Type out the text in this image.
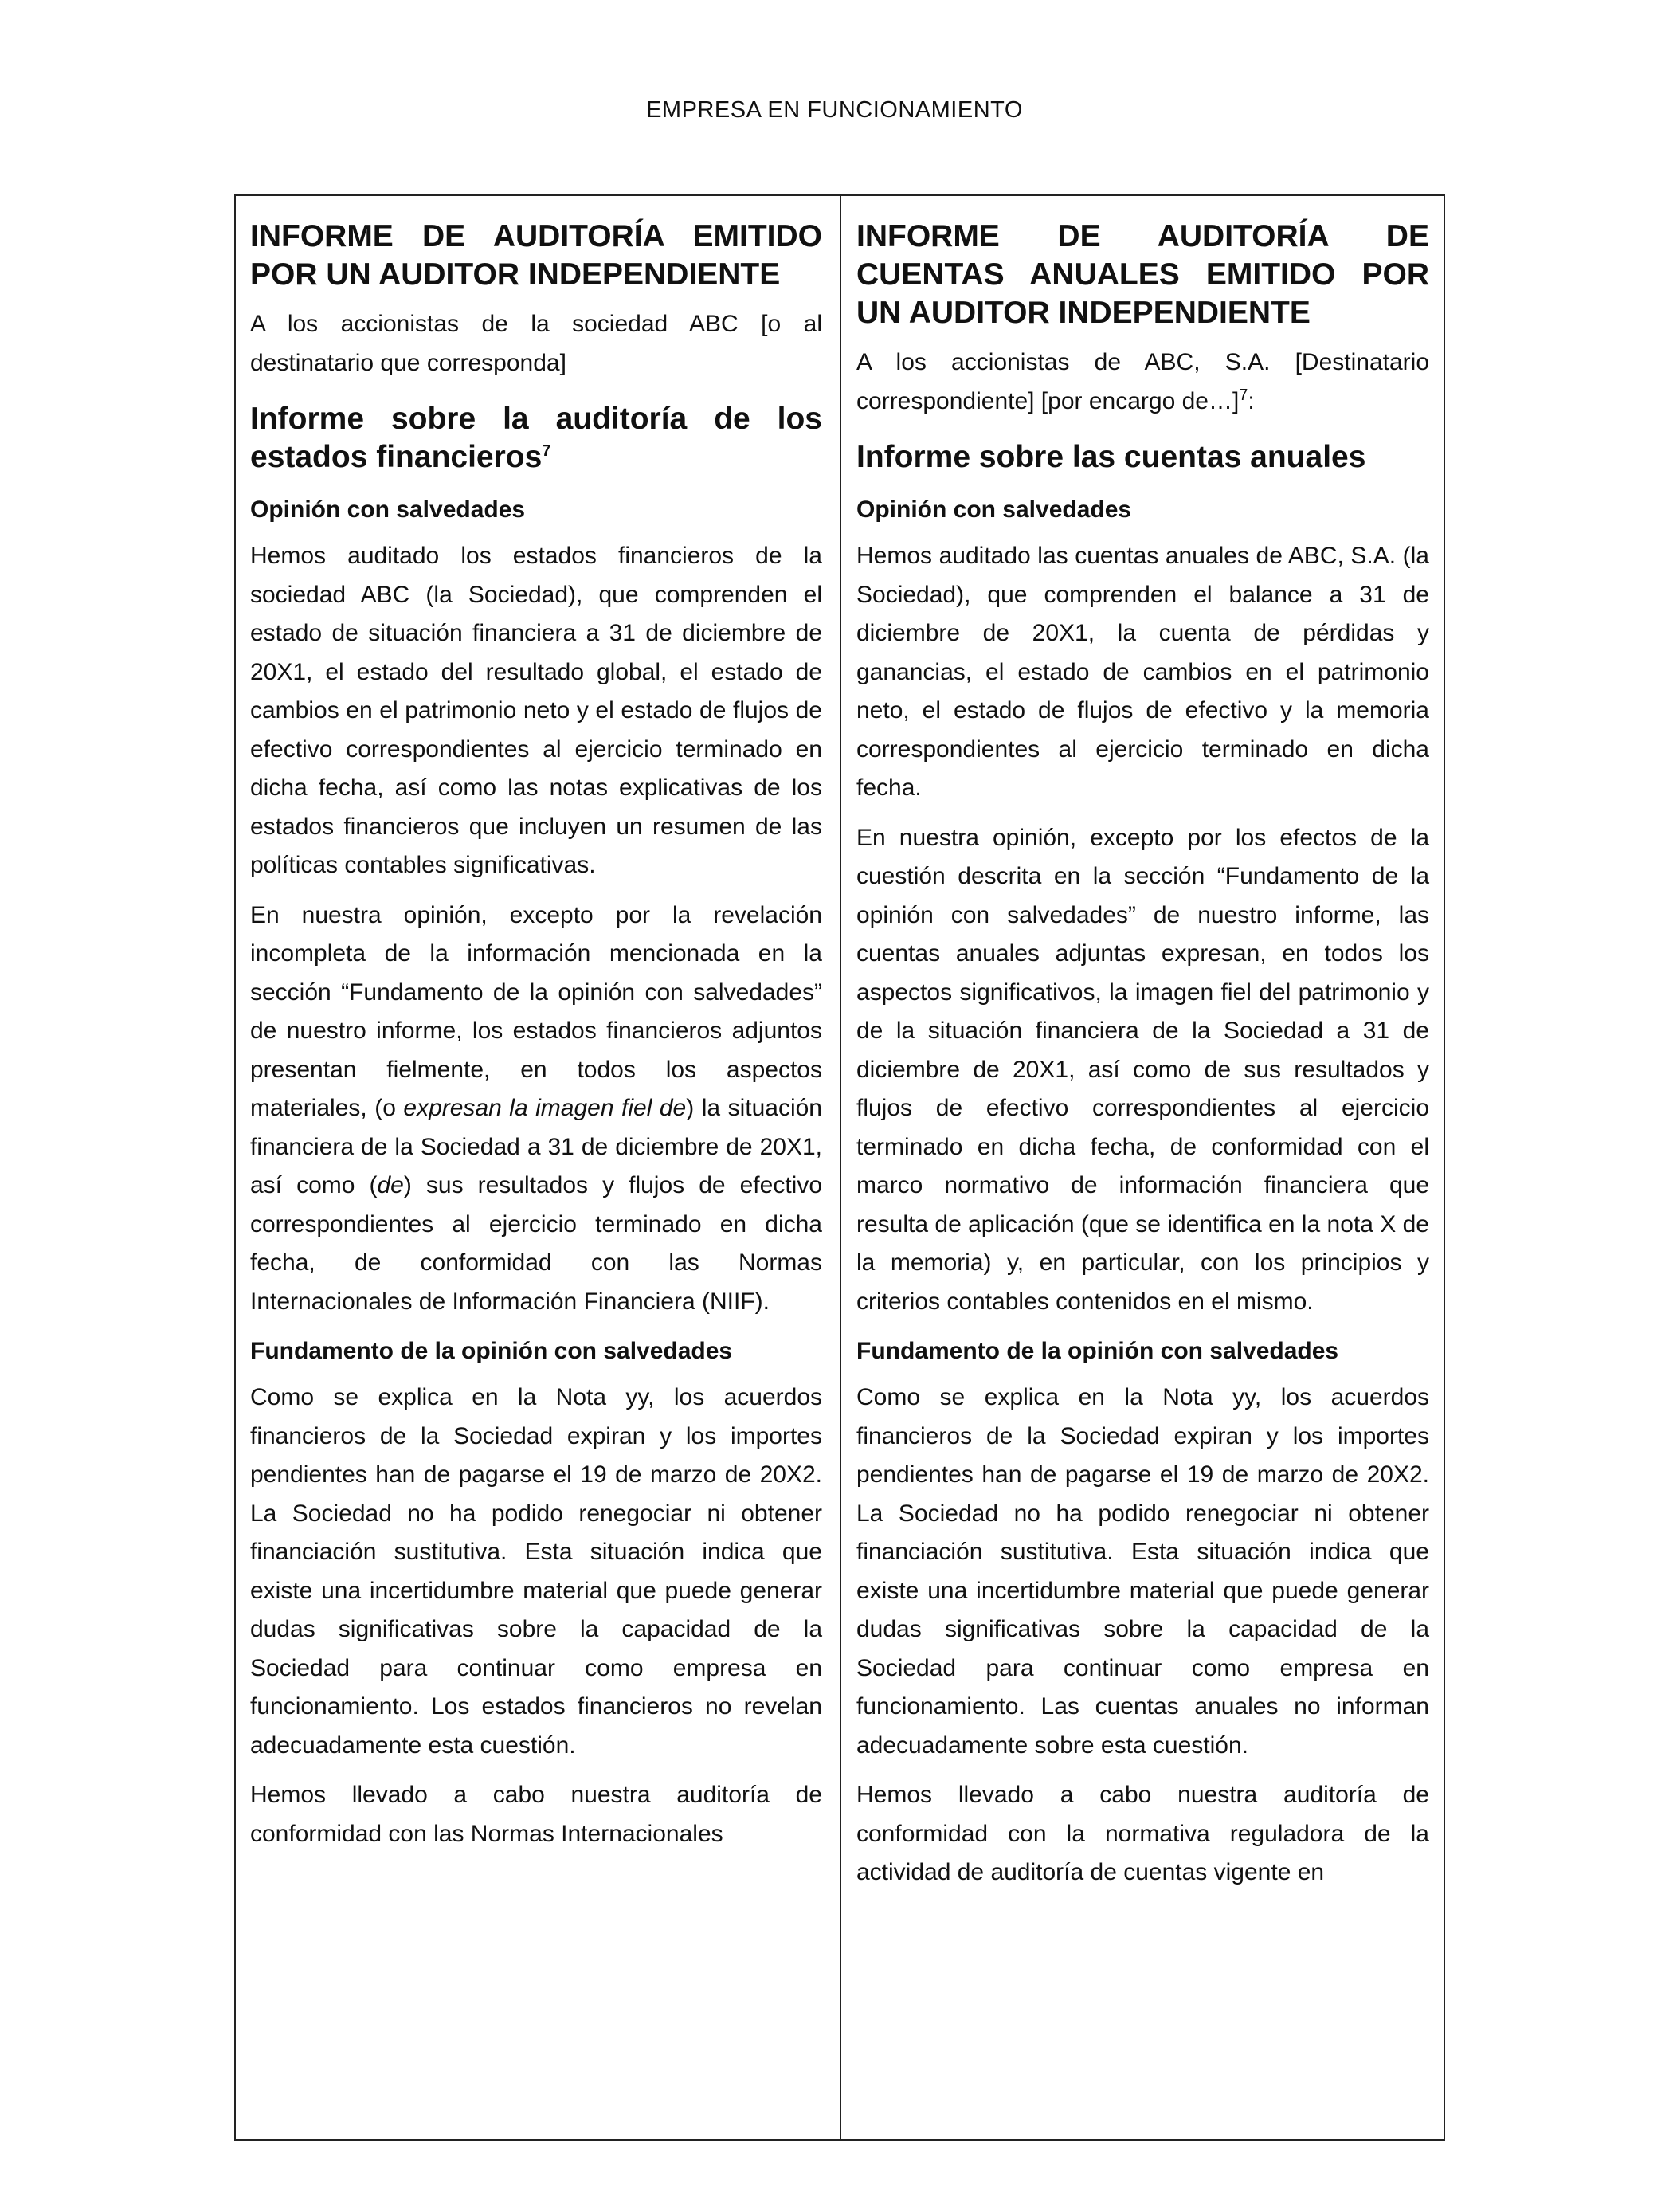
EMPRESA EN FUNCIONAMIENTO
INFORME DE AUDITORÍA EMITIDO POR UN AUDITOR INDEPENDIENTE
A los accionistas de la sociedad ABC [o al destinatario que corresponda]
Informe sobre la auditoría de los estados financieros$^7$
Opinión con salvedades
Hemos auditado los estados financieros de la sociedad ABC (la Sociedad), que comprenden el estado de situación financiera a 31 de diciembre de 20X1, el estado del resultado global, el estado de cambios en el patrimonio neto y el estado de flujos de efectivo correspondientes al ejercicio terminado en dicha fecha, así como las notas explicativas de los estados financieros que incluyen un resumen de las políticas contables significativas.
En nuestra opinión, excepto por la revelación incompleta de la información mencionada en la sección “Fundamento de la opinión con salvedades” de nuestro informe, los estados financieros adjuntos presentan fielmente, en todos los aspectos materiales, (o expresan la imagen fiel de) la situación financiera de la Sociedad a 31 de diciembre de 20X1, así como (de) sus resultados y flujos de efectivo correspondientes al ejercicio terminado en dicha fecha, de conformidad con las Normas Internacionales de Información Financiera (NIIF).
Fundamento de la opinión con salvedades
Como se explica en la Nota yy, los acuerdos financieros de la Sociedad expiran y los importes pendientes han de pagarse el 19 de marzo de 20X2. La Sociedad no ha podido renegociar ni obtener financiación sustitutiva. Esta situación indica que existe una incertidumbre material que puede generar dudas significativas sobre la capacidad de la Sociedad para continuar como empresa en funcionamiento. Los estados financieros no revelan adecuadamente esta cuestión.
Hemos llevado a cabo nuestra auditoría de conformidad con las Normas Internacionales
INFORME DE AUDITORÍA DE CUENTAS ANUALES EMITIDO POR UN AUDITOR INDEPENDIENTE
A los accionistas de ABC, S.A. [Destinatario correspondiente] [por encargo de…]$^7$:
Informe sobre las cuentas anuales
Opinión con salvedades
Hemos auditado las cuentas anuales de ABC, S.A. (la Sociedad), que comprenden el balance a 31 de diciembre de 20X1, la cuenta de pérdidas y ganancias, el estado de cambios en el patrimonio neto, el estado de flujos de efectivo y la memoria correspondientes al ejercicio terminado en dicha fecha.
En nuestra opinión, excepto por los efectos de la cuestión descrita en la sección “Fundamento de la opinión con salvedades” de nuestro informe, las cuentas anuales adjuntas expresan, en todos los aspectos significativos, la imagen fiel del patrimonio y de la situación financiera de la Sociedad a 31 de diciembre de 20X1, así como de sus resultados y flujos de efectivo correspondientes al ejercicio terminado en dicha fecha, de conformidad con el marco normativo de información financiera que resulta de aplicación (que se identifica en la nota X de la memoria) y, en particular, con los principios y criterios contables contenidos en el mismo.
Fundamento de la opinión con salvedades
Como se explica en la Nota yy, los acuerdos financieros de la Sociedad expiran y los importes pendientes han de pagarse el 19 de marzo de 20X2. La Sociedad no ha podido renegociar ni obtener financiación sustitutiva. Esta situación indica que existe una incertidumbre material que puede generar dudas significativas sobre la capacidad de la Sociedad para continuar como empresa en funcionamiento. Las cuentas anuales no informan adecuadamente sobre esta cuestión.
Hemos llevado a cabo nuestra auditoría de conformidad con la normativa reguladora de la actividad de auditoría de cuentas vigente en
